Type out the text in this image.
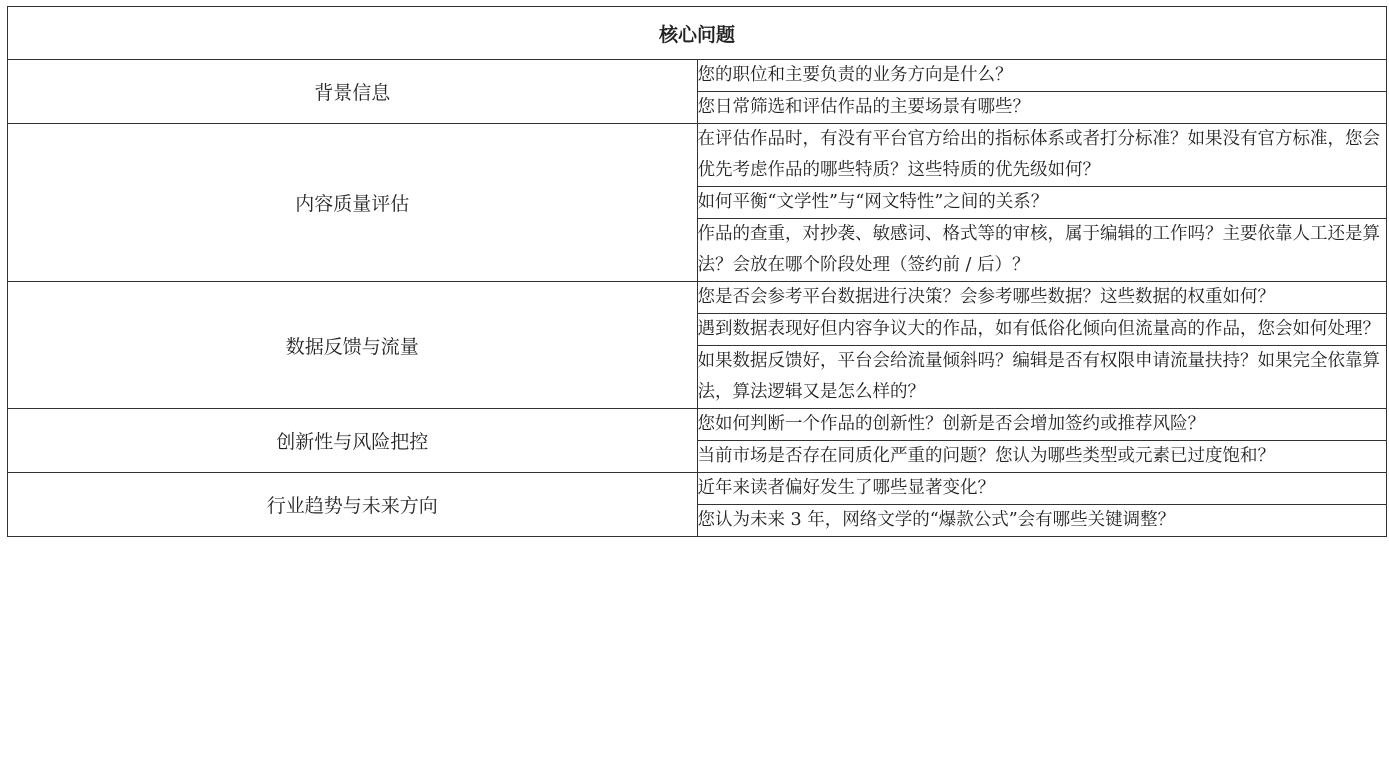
核心问题	
背景信息	您的职位和主要负责的业务方向是什么？
	您日常筛选和评估作品的主要场景有哪些？
内容质量评估	在评估作品时，有没有平台官方给出的指标体系或者打分标准？如果没有官方标准，您会优先考虑作品的哪些特质？这些特质的优先级如何？
	如何平衡“文学性”与“网文特性”之间的关系？
	作品的查重，对抄袭、敏感词、格式等的审核，属于编辑的工作吗？主要依靠人工还是算法？会放在哪个阶段处理（签约前 / 后）？
数据反馈与流量	您是否会参考平台数据进行决策？会参考哪些数据？这些数据的权重如何？
	遇到数据表现好但内容争议大的作品，如有低俗化倾向但流量高的作品，您会如何处理？
	如果数据反馈好，平台会给流量倾斜吗？编辑是否有权限申请流量扶持？如果完全依靠算法，算法逻辑又是怎么样的？
创新性与风险把控	您如何判断一个作品的创新性？创新是否会增加签约或推荐风险？
	当前市场是否存在同质化严重的问题？您认为哪些类型或元素已过度饱和？
行业趋势与未来方向	近年来读者偏好发生了哪些显著变化？
	您认为未来 3 年，网络文学的“爆款公式”会有哪些关键调整？
